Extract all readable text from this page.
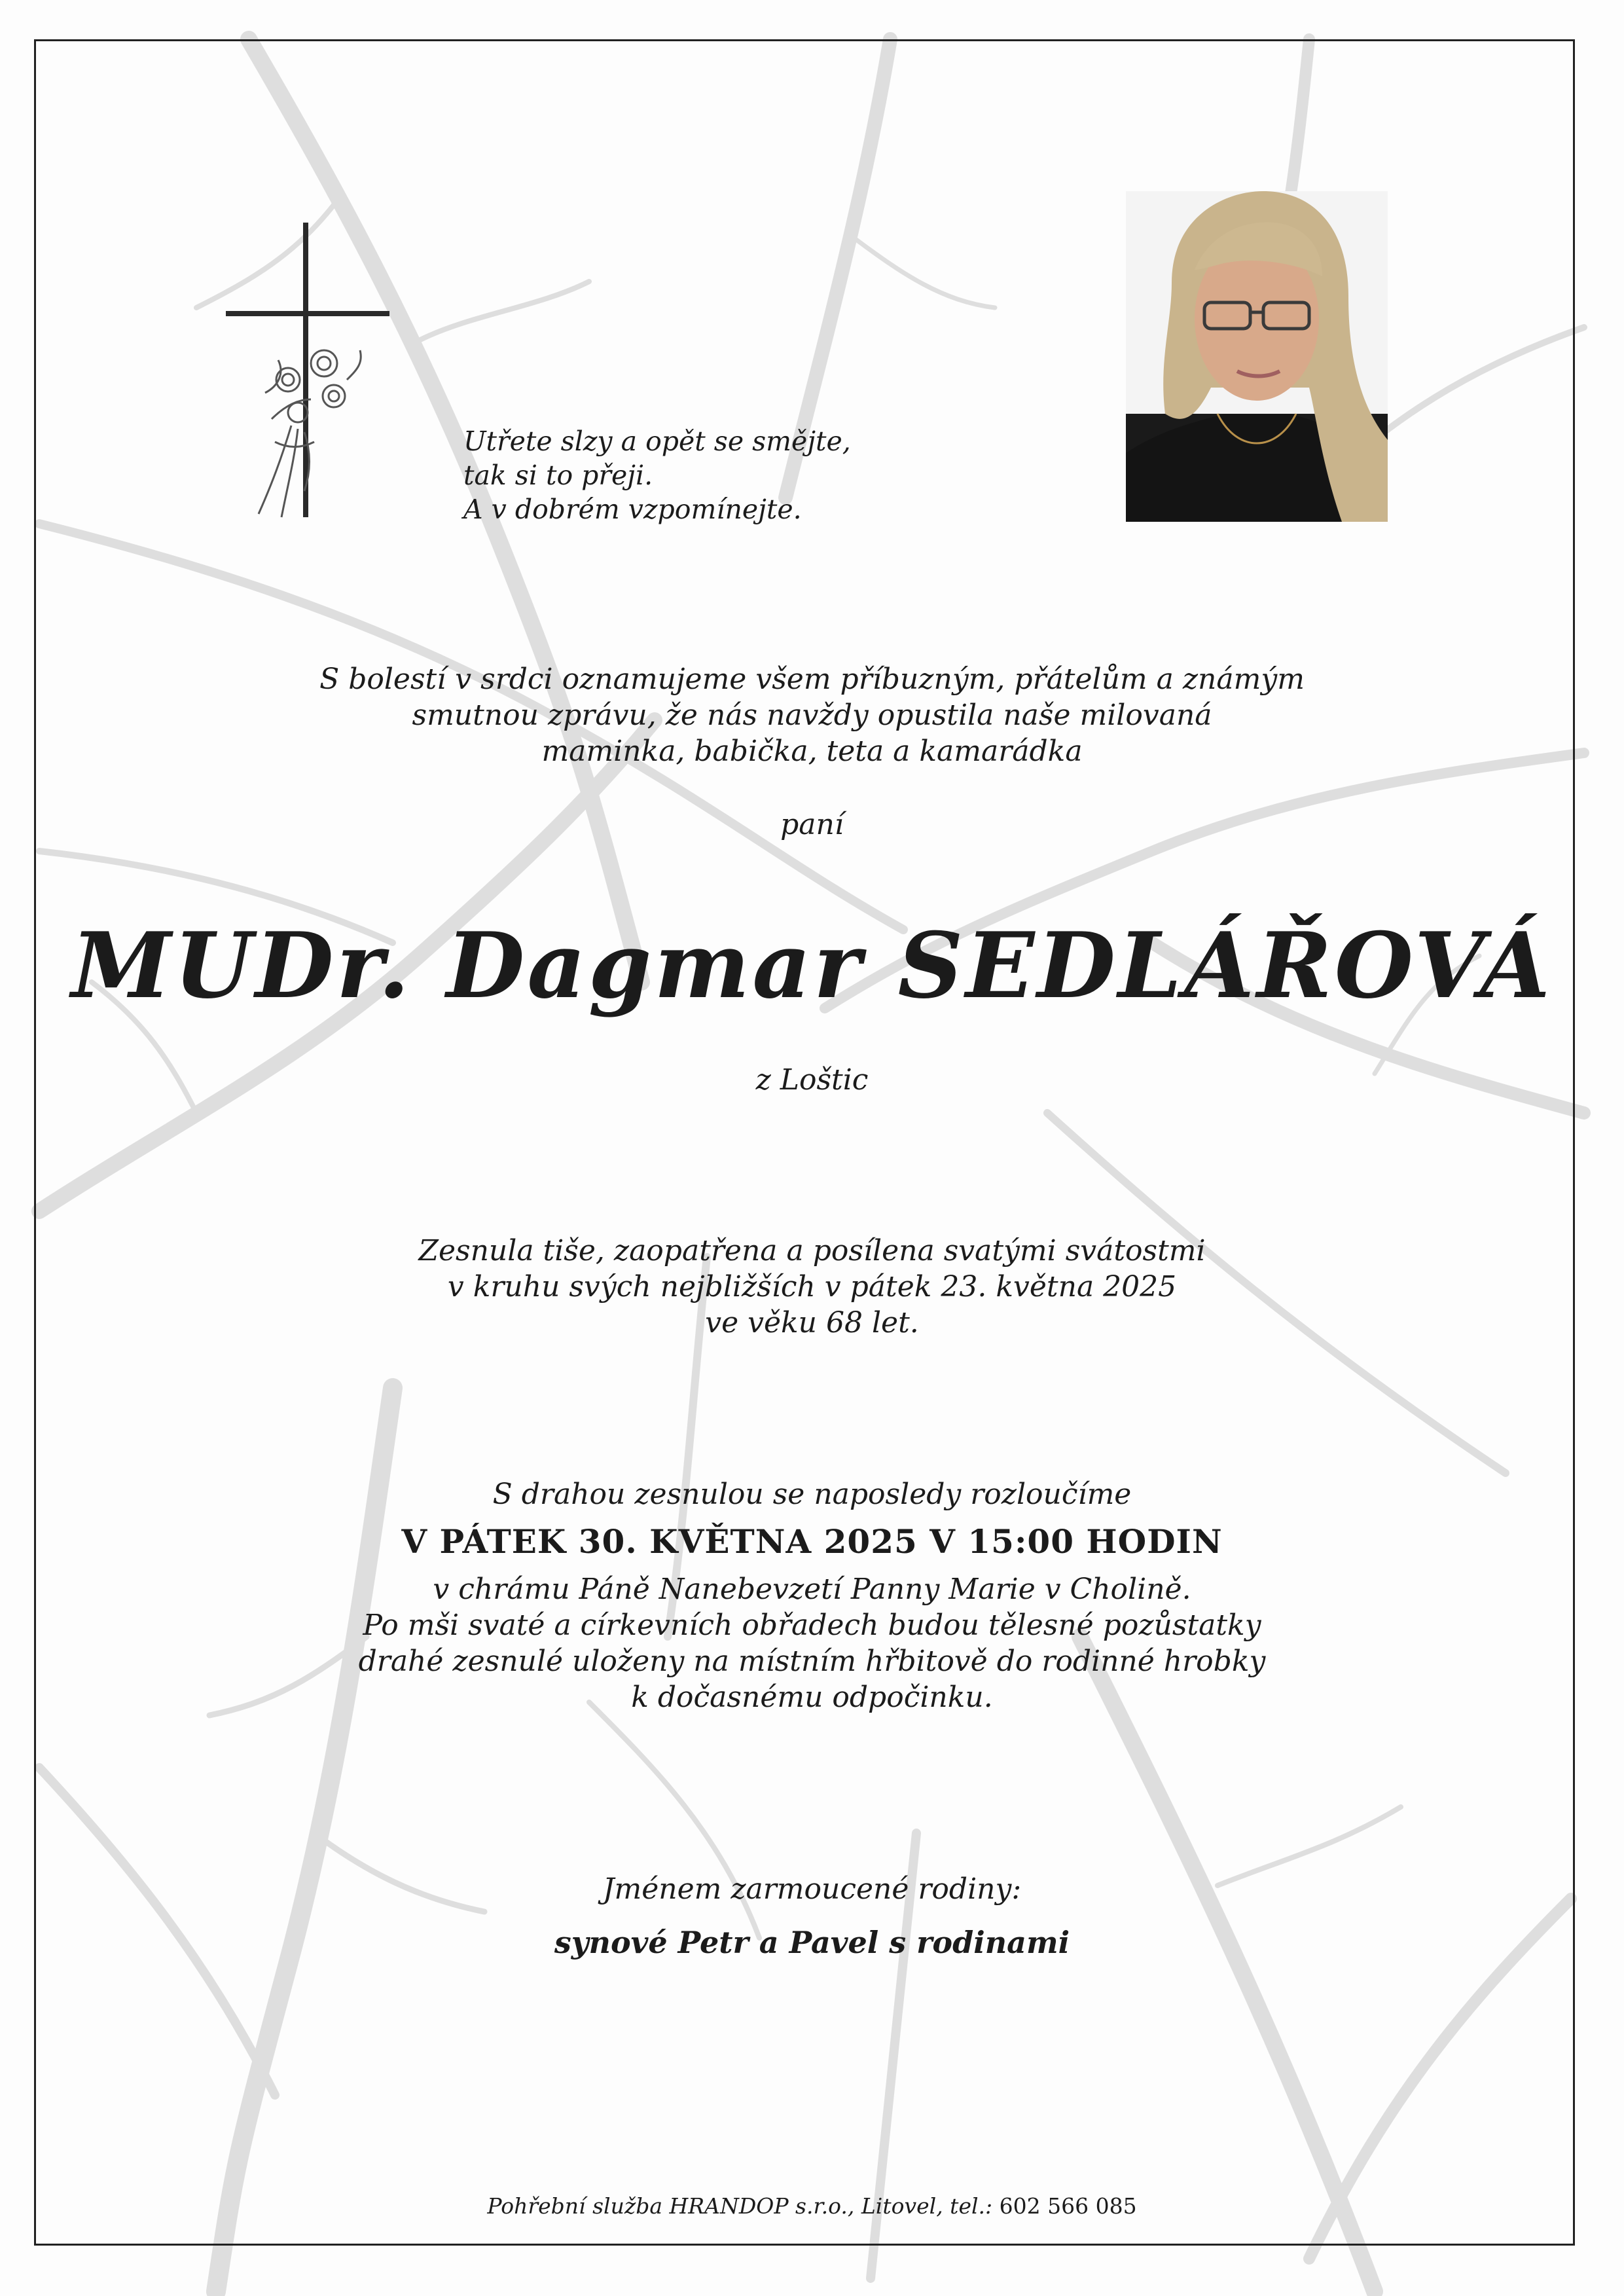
Utřete slzy a opět se smějte,
tak si to přeji.
A v dobrém vzpomínejte.
S bolestí v srdci oznamujeme všem příbuzným, přátelům a známým
smutnou zprávu, že nás navždy opustila naše milovaná
maminka, babička, teta a kamarádka
paní
MUDr. Dagmar SEDLÁŘOVÁ
z Loštic
Zesnula tiše, zaopatřena a posílena svatými svátostmi
v kruhu svých nejbližších v pátek 23. května 2025
ve věku 68 let.
S drahou zesnulou se naposledy rozloučíme
V PÁTEK 30. KVĚTNA 2025 V 15:00 HODIN
v chrámu Páně Nanebevzetí Panny Marie v Cholině.
Po mši svaté a církevních obřadech budou tělesné pozůstatky
drahé zesnulé uloženy na místním hřbitově do rodinné hrobky
k dočasnému odpočinku.
Jménem zarmoucené rodiny:
synové Petr a Pavel s rodinami
Pohřební služba HRANDOP s.r.o., Litovel, tel.: 602 566 085
